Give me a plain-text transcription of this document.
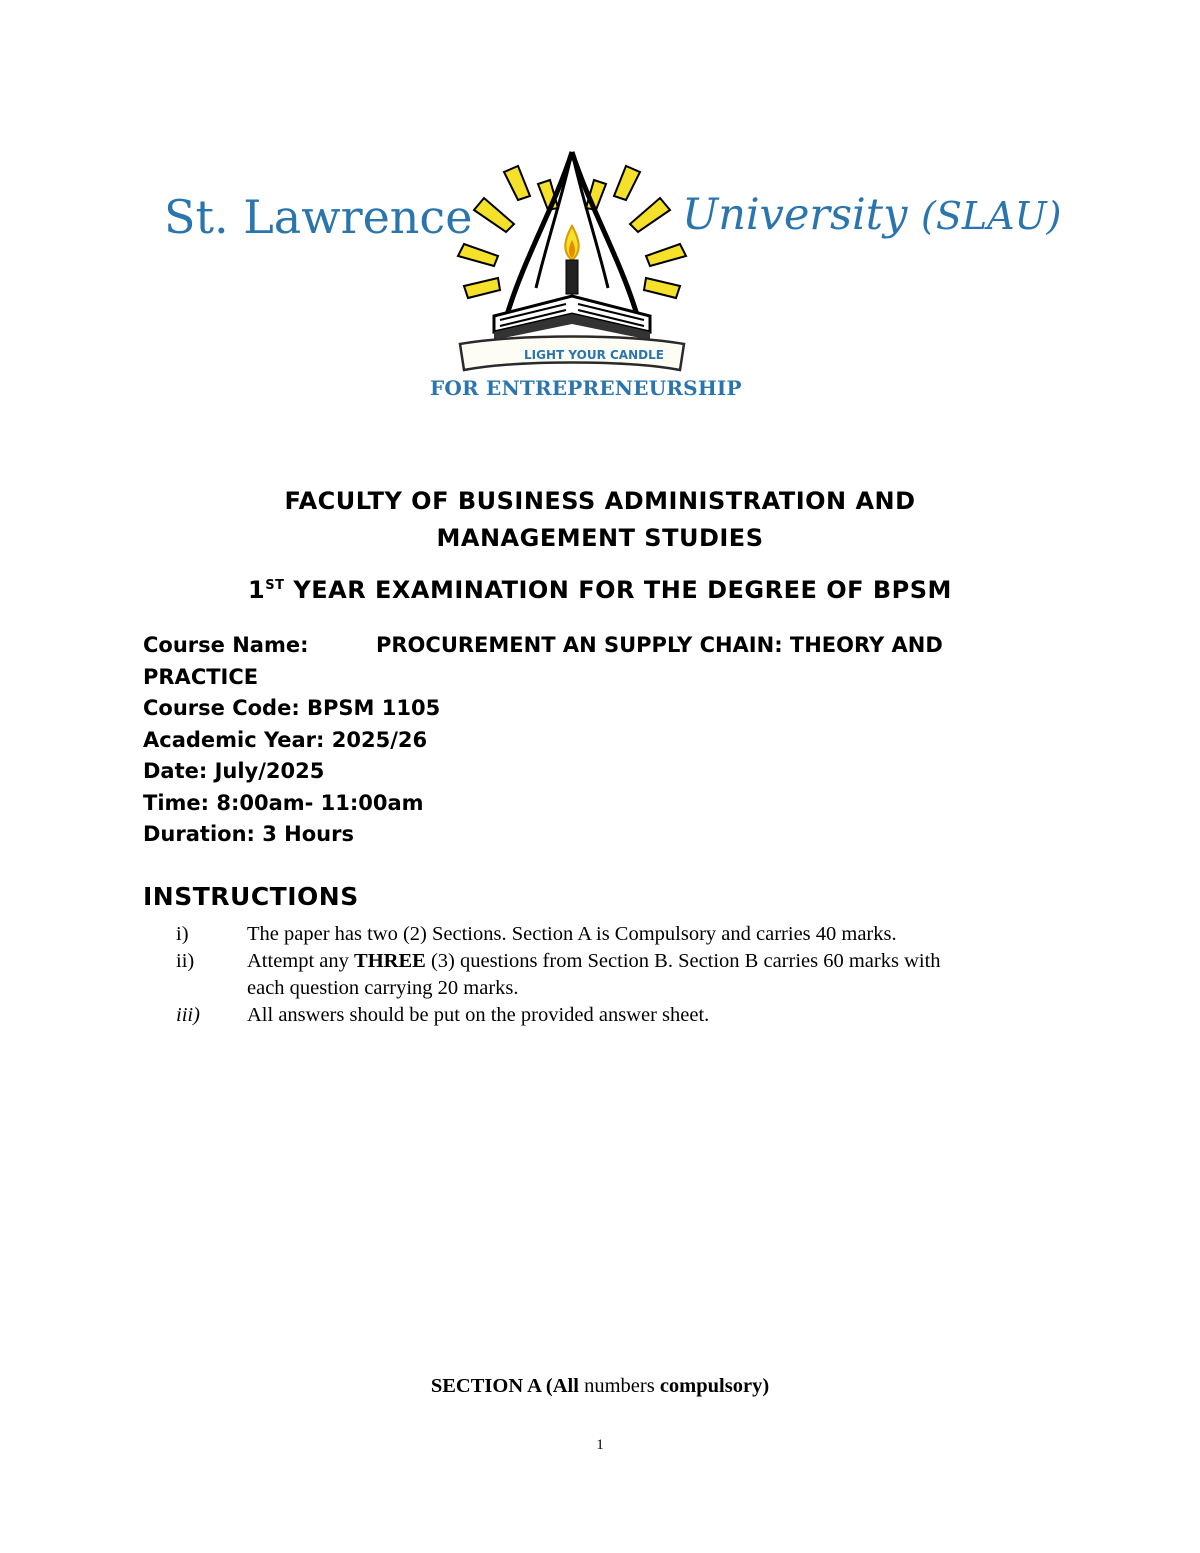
St. Lawrence
LIGHT YOUR CANDLE
University (SLAU)
FOR ENTREPRENEURSHIP
FACULTY OF BUSINESS ADMINISTRATION AND
MANAGEMENT STUDIES
1ST YEAR EXAMINATION FOR THE DEGREE OF BPSM
Course Name:	PROCUREMENT AN SUPPLY CHAIN: THEORY AND
PRACTICE
Course Code: BPSM 1105
Academic Year: 2025/26
Date: July/2025
Time: 8:00am- 11:00am
Duration: 3 Hours
INSTRUCTIONS
i)	The paper has two (2) Sections. Section A is Compulsory and carries 40 marks.
ii)	Attempt any THREE (3) questions from Section B. Section B carries 60 marks with
each question carrying 20 marks.
iii) All answers should be put on the provided answer sheet.
SECTION A (All numbers compulsory)
1
